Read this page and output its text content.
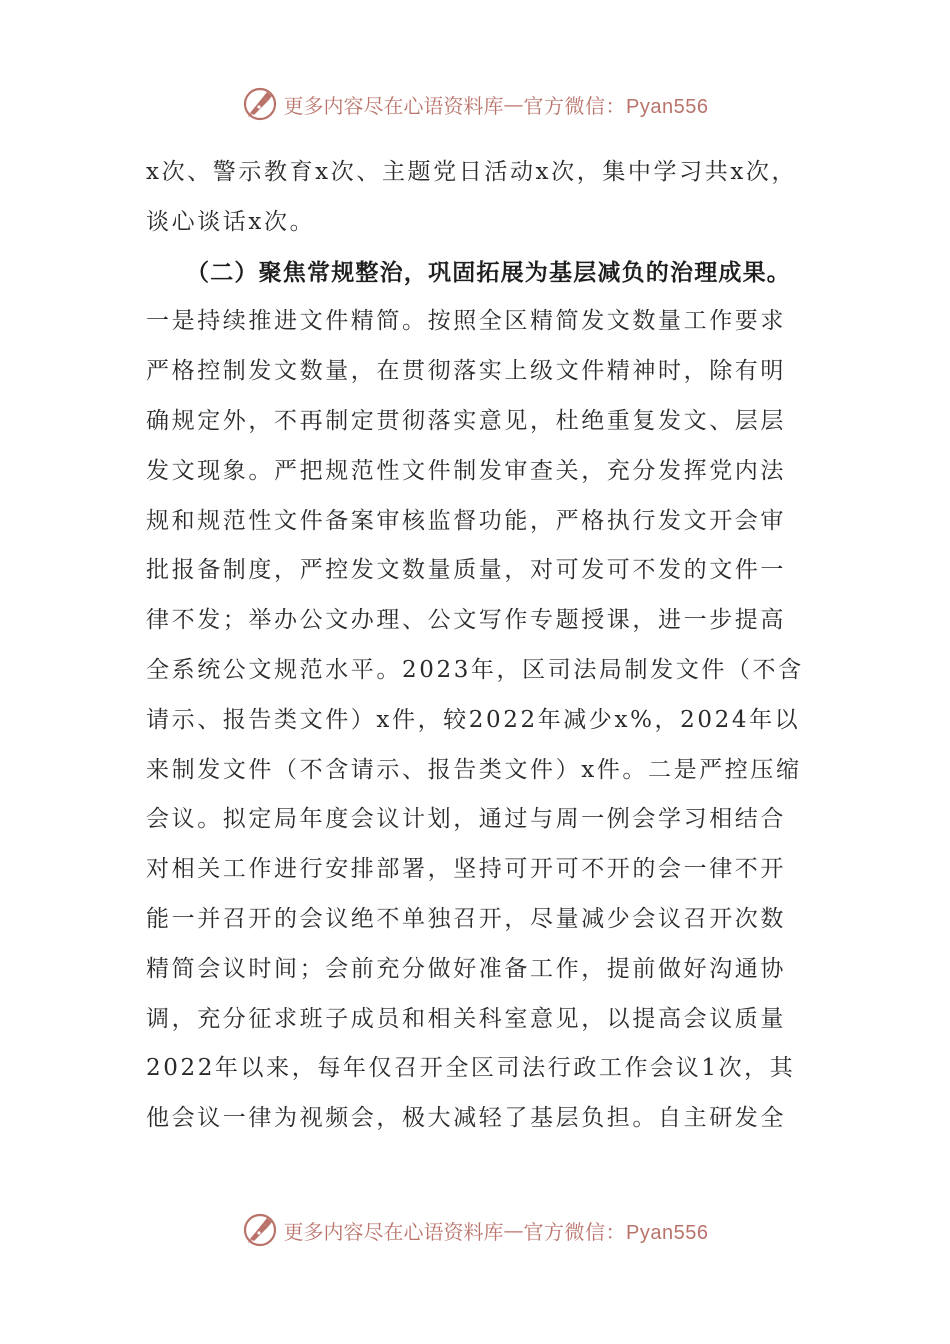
更多内容尽在心语资料库 — 官方微信：Pyan556
x次、警示教育x次、主题党日活动x次，集中学习共x次，
谈心谈话x次。
（二）聚焦常规整治，巩固拓展为基层减负的治理成果。
一是持续推进文件精简。按照全区精简发文数量工作要求
严格控制发文数量，在贯彻落实上级文件精神时，除有明
确规定外，不再制定贯彻落实意见，杜绝重复发文、层层
发文现象。严把规范性文件制发审查关，充分发挥党内法
规和规范性文件备案审核监督功能，严格执行发文开会审
批报备制度，严控发文数量质量，对可发可不发的文件一
律不发；举办公文办理、公文写作专题授课，进一步提高
全系统公文规范水平。2023年，区司法局制发文件（不含
请示、报告类文件）x件，较2022年减少x%，2024年以
来制发文件（不含请示、报告类文件）x件。二是严控压缩
会议。拟定局年度会议计划，通过与周一例会学习相结合
对相关工作进行安排部署，坚持可开可不开的会一律不开
能一并召开的会议绝不单独召开，尽量减少会议召开次数
精简会议时间；会前充分做好准备工作，提前做好沟通协
调，充分征求班子成员和相关科室意见，以提高会议质量
2022年以来，每年仅召开全区司法行政工作会议1次，其
他会议一律为视频会，极大减轻了基层负担。自主研发全
更多内容尽在心语资料库 — 官方微信：Pyan556
